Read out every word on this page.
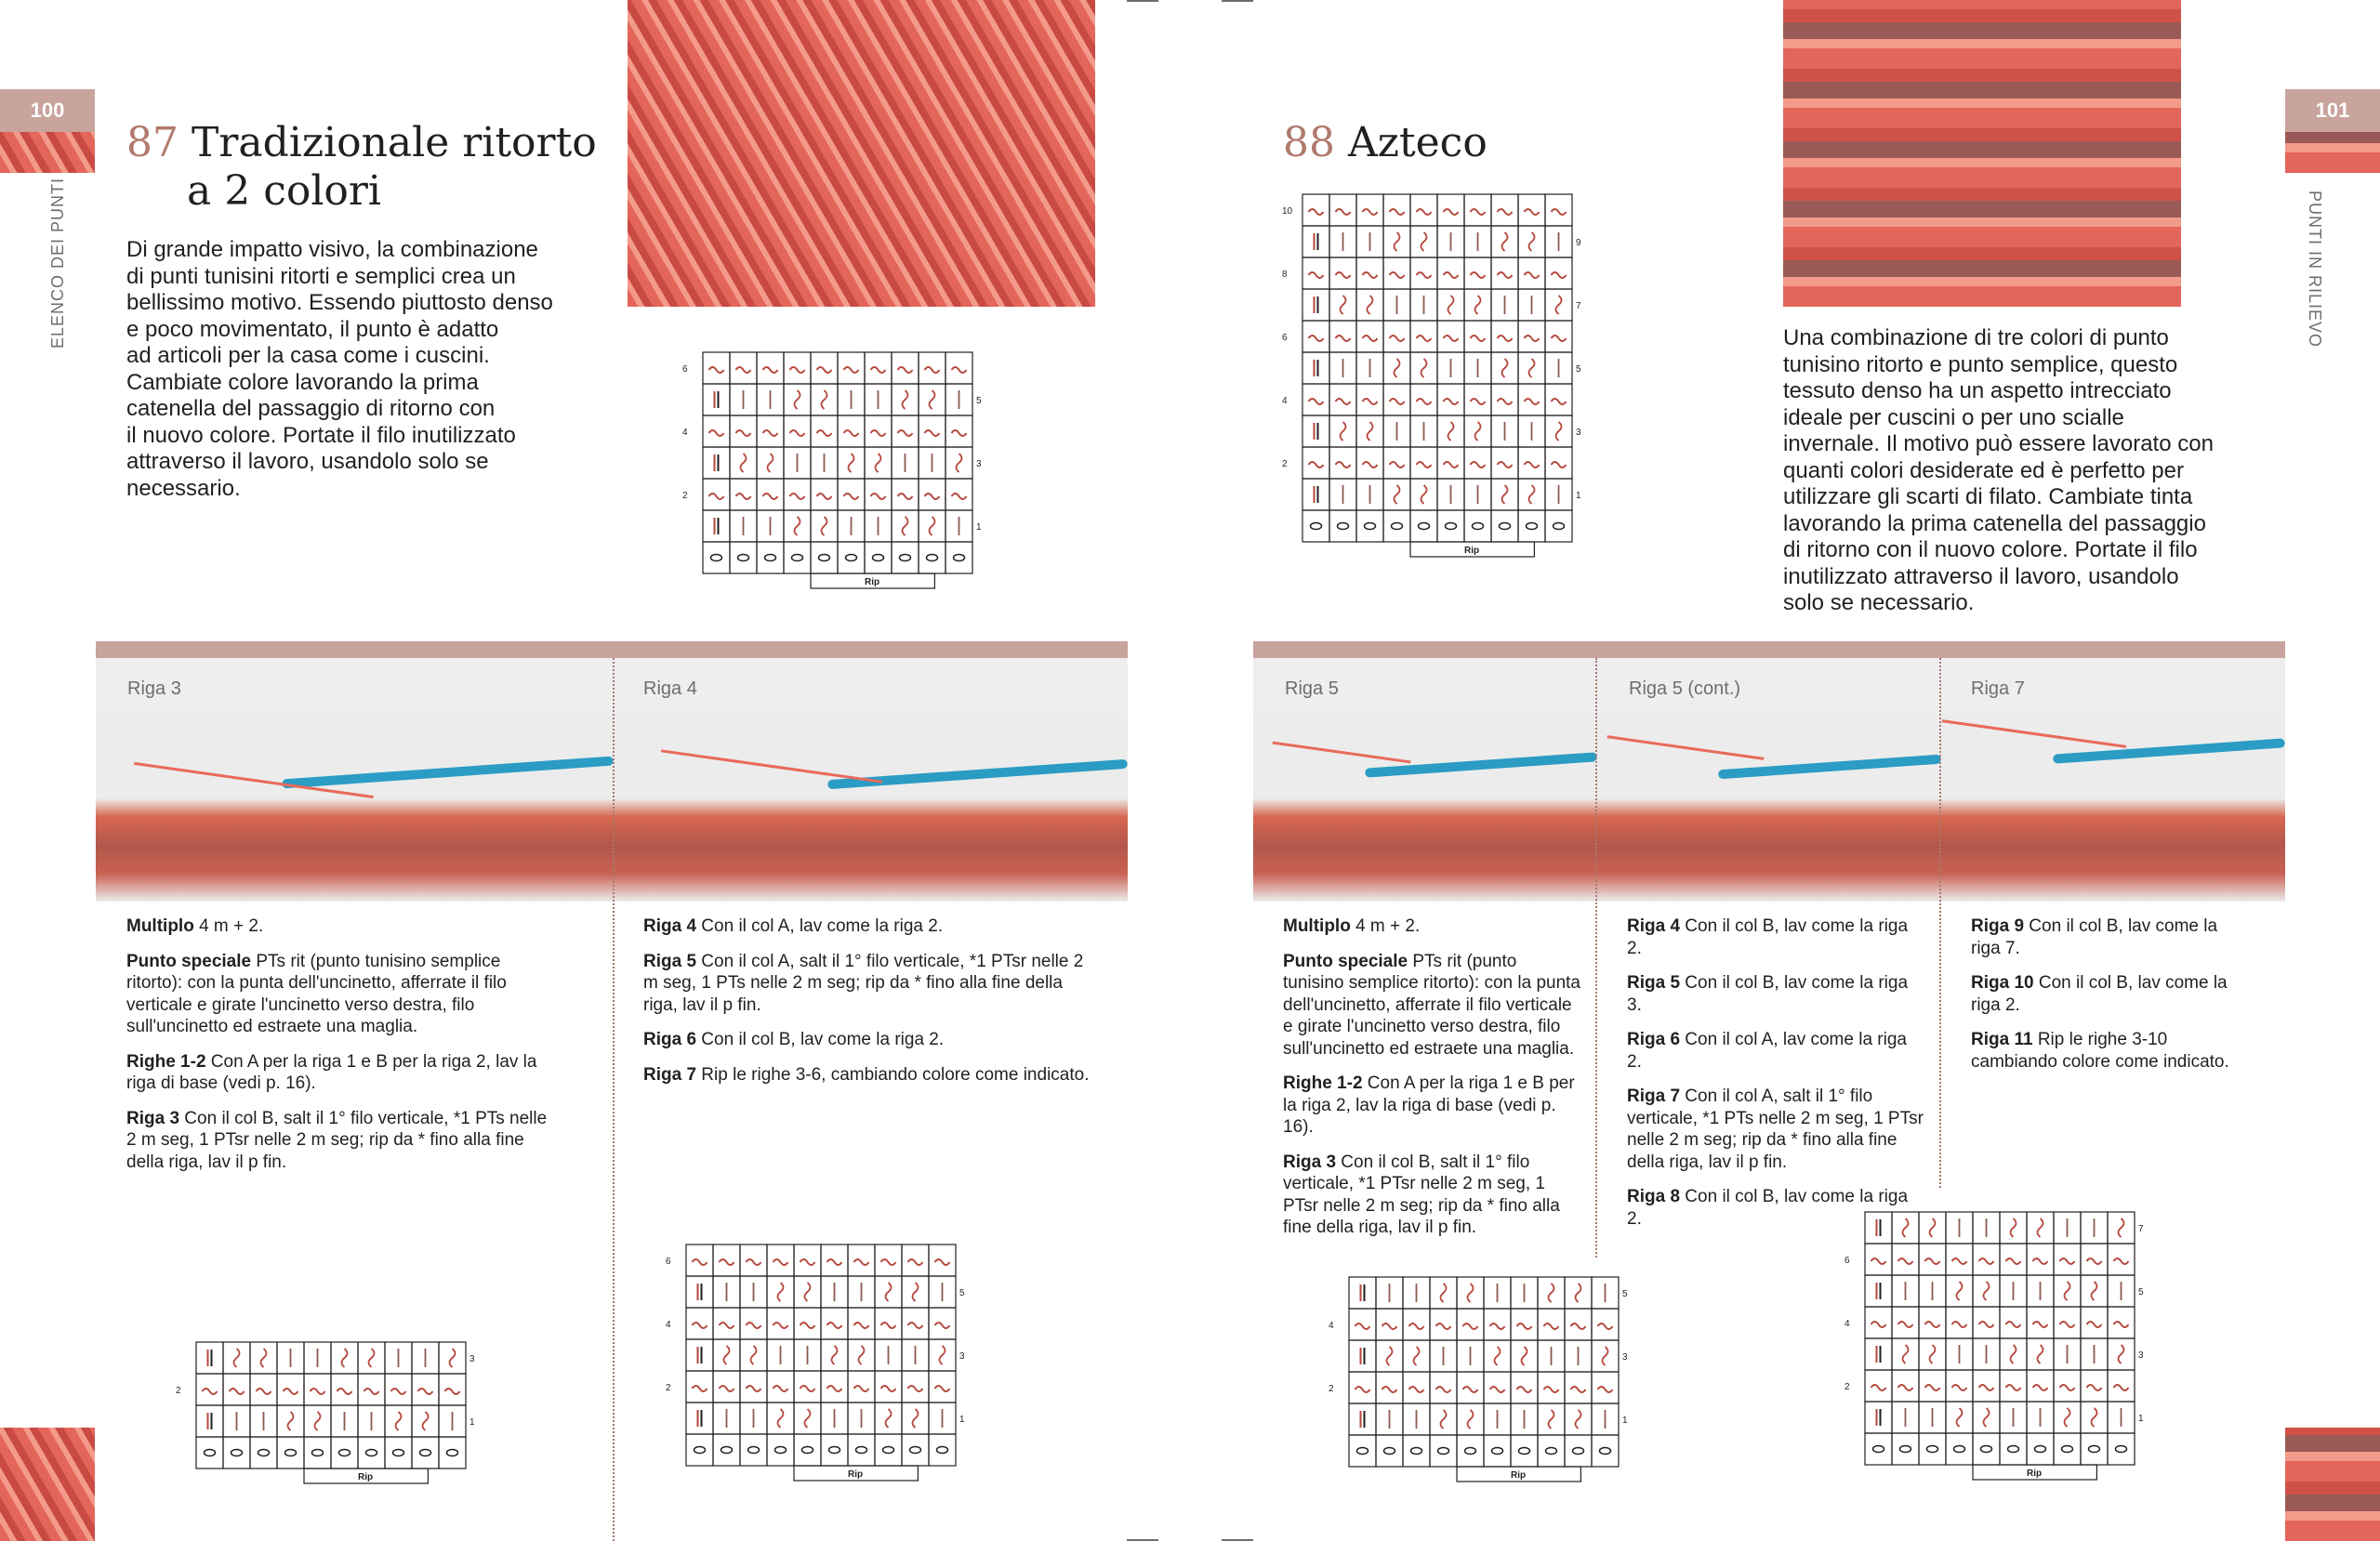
100
ELENCO DEI PUNTI
87 Tradizionale ritorto
a 2 colori
Di grande impatto visivo, la combinazione
di punti tunisini ritorti e semplici crea un
bellissimo motivo. Essendo piuttosto denso
e poco movimentato, il punto è adatto
ad articoli per la casa come i cuscini.
Cambiate colore lavorando la prima
catenella del passaggio di ritorno con
il nuovo colore. Portate il filo inutilizzato
attraverso il lavoro, usandolo solo se
necessario.
6
5
4
3
2
1
Rip
Riga 3	Riga 4

Multiplo 4 m + 2.

Punto speciale PTs rit (punto tunisino semplice ritorto): con la punta dell'uncinetto, afferrate il filo verticale e girate l'uncinetto verso destra, filo sull'uncinetto ed estraete una maglia.

Righe 1-2 Con A per la riga 1 e B per la riga 2, lav la riga di base (vedi p. 16).

Riga 3 Con il col B, salt il 1° filo verticale, *1 PTs nelle 2 m seg, 1 PTsr nelle 2 m seg; rip da * fino alla fine della riga, lav il p fin.

Riga 4 Con il col A, lav come la riga 2.

Riga 5 Con il col A, salt il 1° filo verticale, *1 PTsr nelle 2 m seg, 1 PTs nelle 2 m seg; rip da * fino alla fine della riga, lav il p fin.

Riga 6 Con il col B, lav come la riga 2.

Riga 7 Rip le righe 3-6, cambiando colore come indicato.

3
2
1
Rip
6
5
4
3
2
1
Rip
88 Azteco
10
9
8
7
6
5
4
3
2
1
Rip
Una combinazione di tre colori di punto
tunisino ritorto e punto semplice, questo
tessuto denso ha un aspetto intrecciato
ideale per cuscini o per uno scialle
invernale. Il motivo può essere lavorato con
quanti colori desiderate ed è perfetto per
utilizzare gli scarti di filato. Cambiate tinta
lavorando la prima catenella del passaggio
di ritorno con il nuovo colore. Portate il filo
inutilizzato attraverso il lavoro, usandolo
solo se necessario.
101
PUNTI IN RILIEVO
Riga 5	Riga 5 (cont.)	Riga 7

Multiplo 4 m + 2.

Punto speciale PTs rit (punto tunisino semplice ritorto): con la punta dell'uncinetto, afferrate il filo verticale e girate l'uncinetto verso destra, filo sull'uncinetto ed estraete una maglia.

Righe 1-2 Con A per la riga 1 e B per la riga 2, lav la riga di base (vedi p. 16).

Riga 3 Con il col B, salt il 1° filo verticale, *1 PTsr nelle 2 m seg, 1 PTsr nelle 2 m seg; rip da * fino alla fine della riga, lav il p fin.

Riga 4 Con il col B, lav come la riga 2.

Riga 5 Con il col B, lav come la riga 3.

Riga 6 Con il col A, lav come la riga 2.

Riga 7 Con il col A, salt il 1° filo verticale, *1 PTs nelle 2 m seg, 1 PTsr nelle 2 m seg; rip da * fino alla fine della riga, lav il p fin.

Riga 8 Con il col B, lav come la riga 2.

Riga 9 Con il col B, lav come la riga 7.

Riga 10 Con il col B, lav come la riga 2.

Riga 11 Rip le righe 3-10 cambiando colore come indicato.

5
4
3
2
1
Rip
7
6
5
4
3
2
1
Rip
